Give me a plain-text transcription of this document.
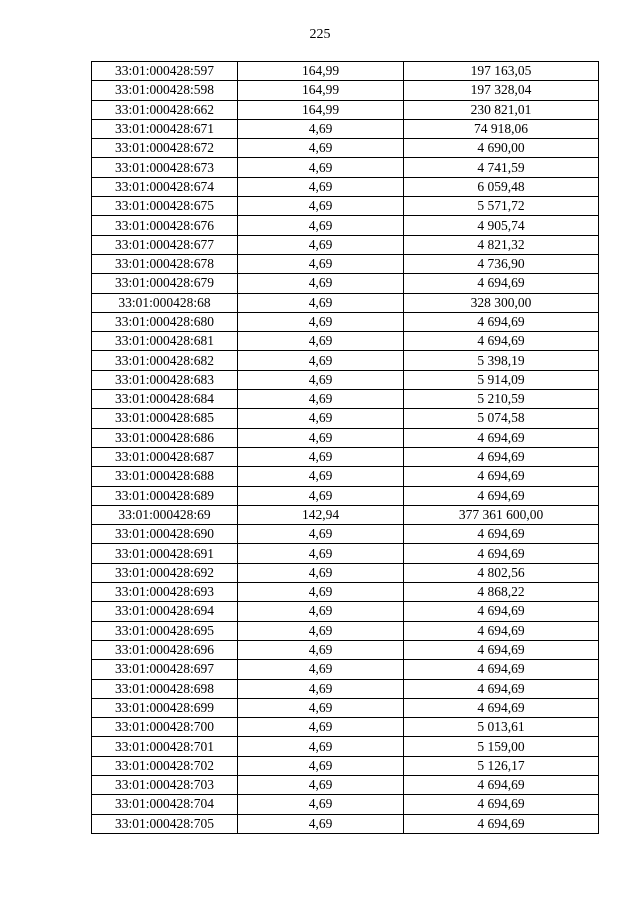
225
33:01:000428:597	164,99	197 163,05
33:01:000428:598	164,99	197 328,04
33:01:000428:662	164,99	230 821,01
33:01:000428:671	4,69	74 918,06
33:01:000428:672	4,69	4 690,00
33:01:000428:673	4,69	4 741,59
33:01:000428:674	4,69	6 059,48
33:01:000428:675	4,69	5 571,72
33:01:000428:676	4,69	4 905,74
33:01:000428:677	4,69	4 821,32
33:01:000428:678	4,69	4 736,90
33:01:000428:679	4,69	4 694,69
33:01:000428:68	4,69	328 300,00
33:01:000428:680	4,69	4 694,69
33:01:000428:681	4,69	4 694,69
33:01:000428:682	4,69	5 398,19
33:01:000428:683	4,69	5 914,09
33:01:000428:684	4,69	5 210,59
33:01:000428:685	4,69	5 074,58
33:01:000428:686	4,69	4 694,69
33:01:000428:687	4,69	4 694,69
33:01:000428:688	4,69	4 694,69
33:01:000428:689	4,69	4 694,69
33:01:000428:69	142,94	377 361 600,00
33:01:000428:690	4,69	4 694,69
33:01:000428:691	4,69	4 694,69
33:01:000428:692	4,69	4 802,56
33:01:000428:693	4,69	4 868,22
33:01:000428:694	4,69	4 694,69
33:01:000428:695	4,69	4 694,69
33:01:000428:696	4,69	4 694,69
33:01:000428:697	4,69	4 694,69
33:01:000428:698	4,69	4 694,69
33:01:000428:699	4,69	4 694,69
33:01:000428:700	4,69	5 013,61
33:01:000428:701	4,69	5 159,00
33:01:000428:702	4,69	5 126,17
33:01:000428:703	4,69	4 694,69
33:01:000428:704	4,69	4 694,69
33:01:000428:705	4,69	4 694,69
